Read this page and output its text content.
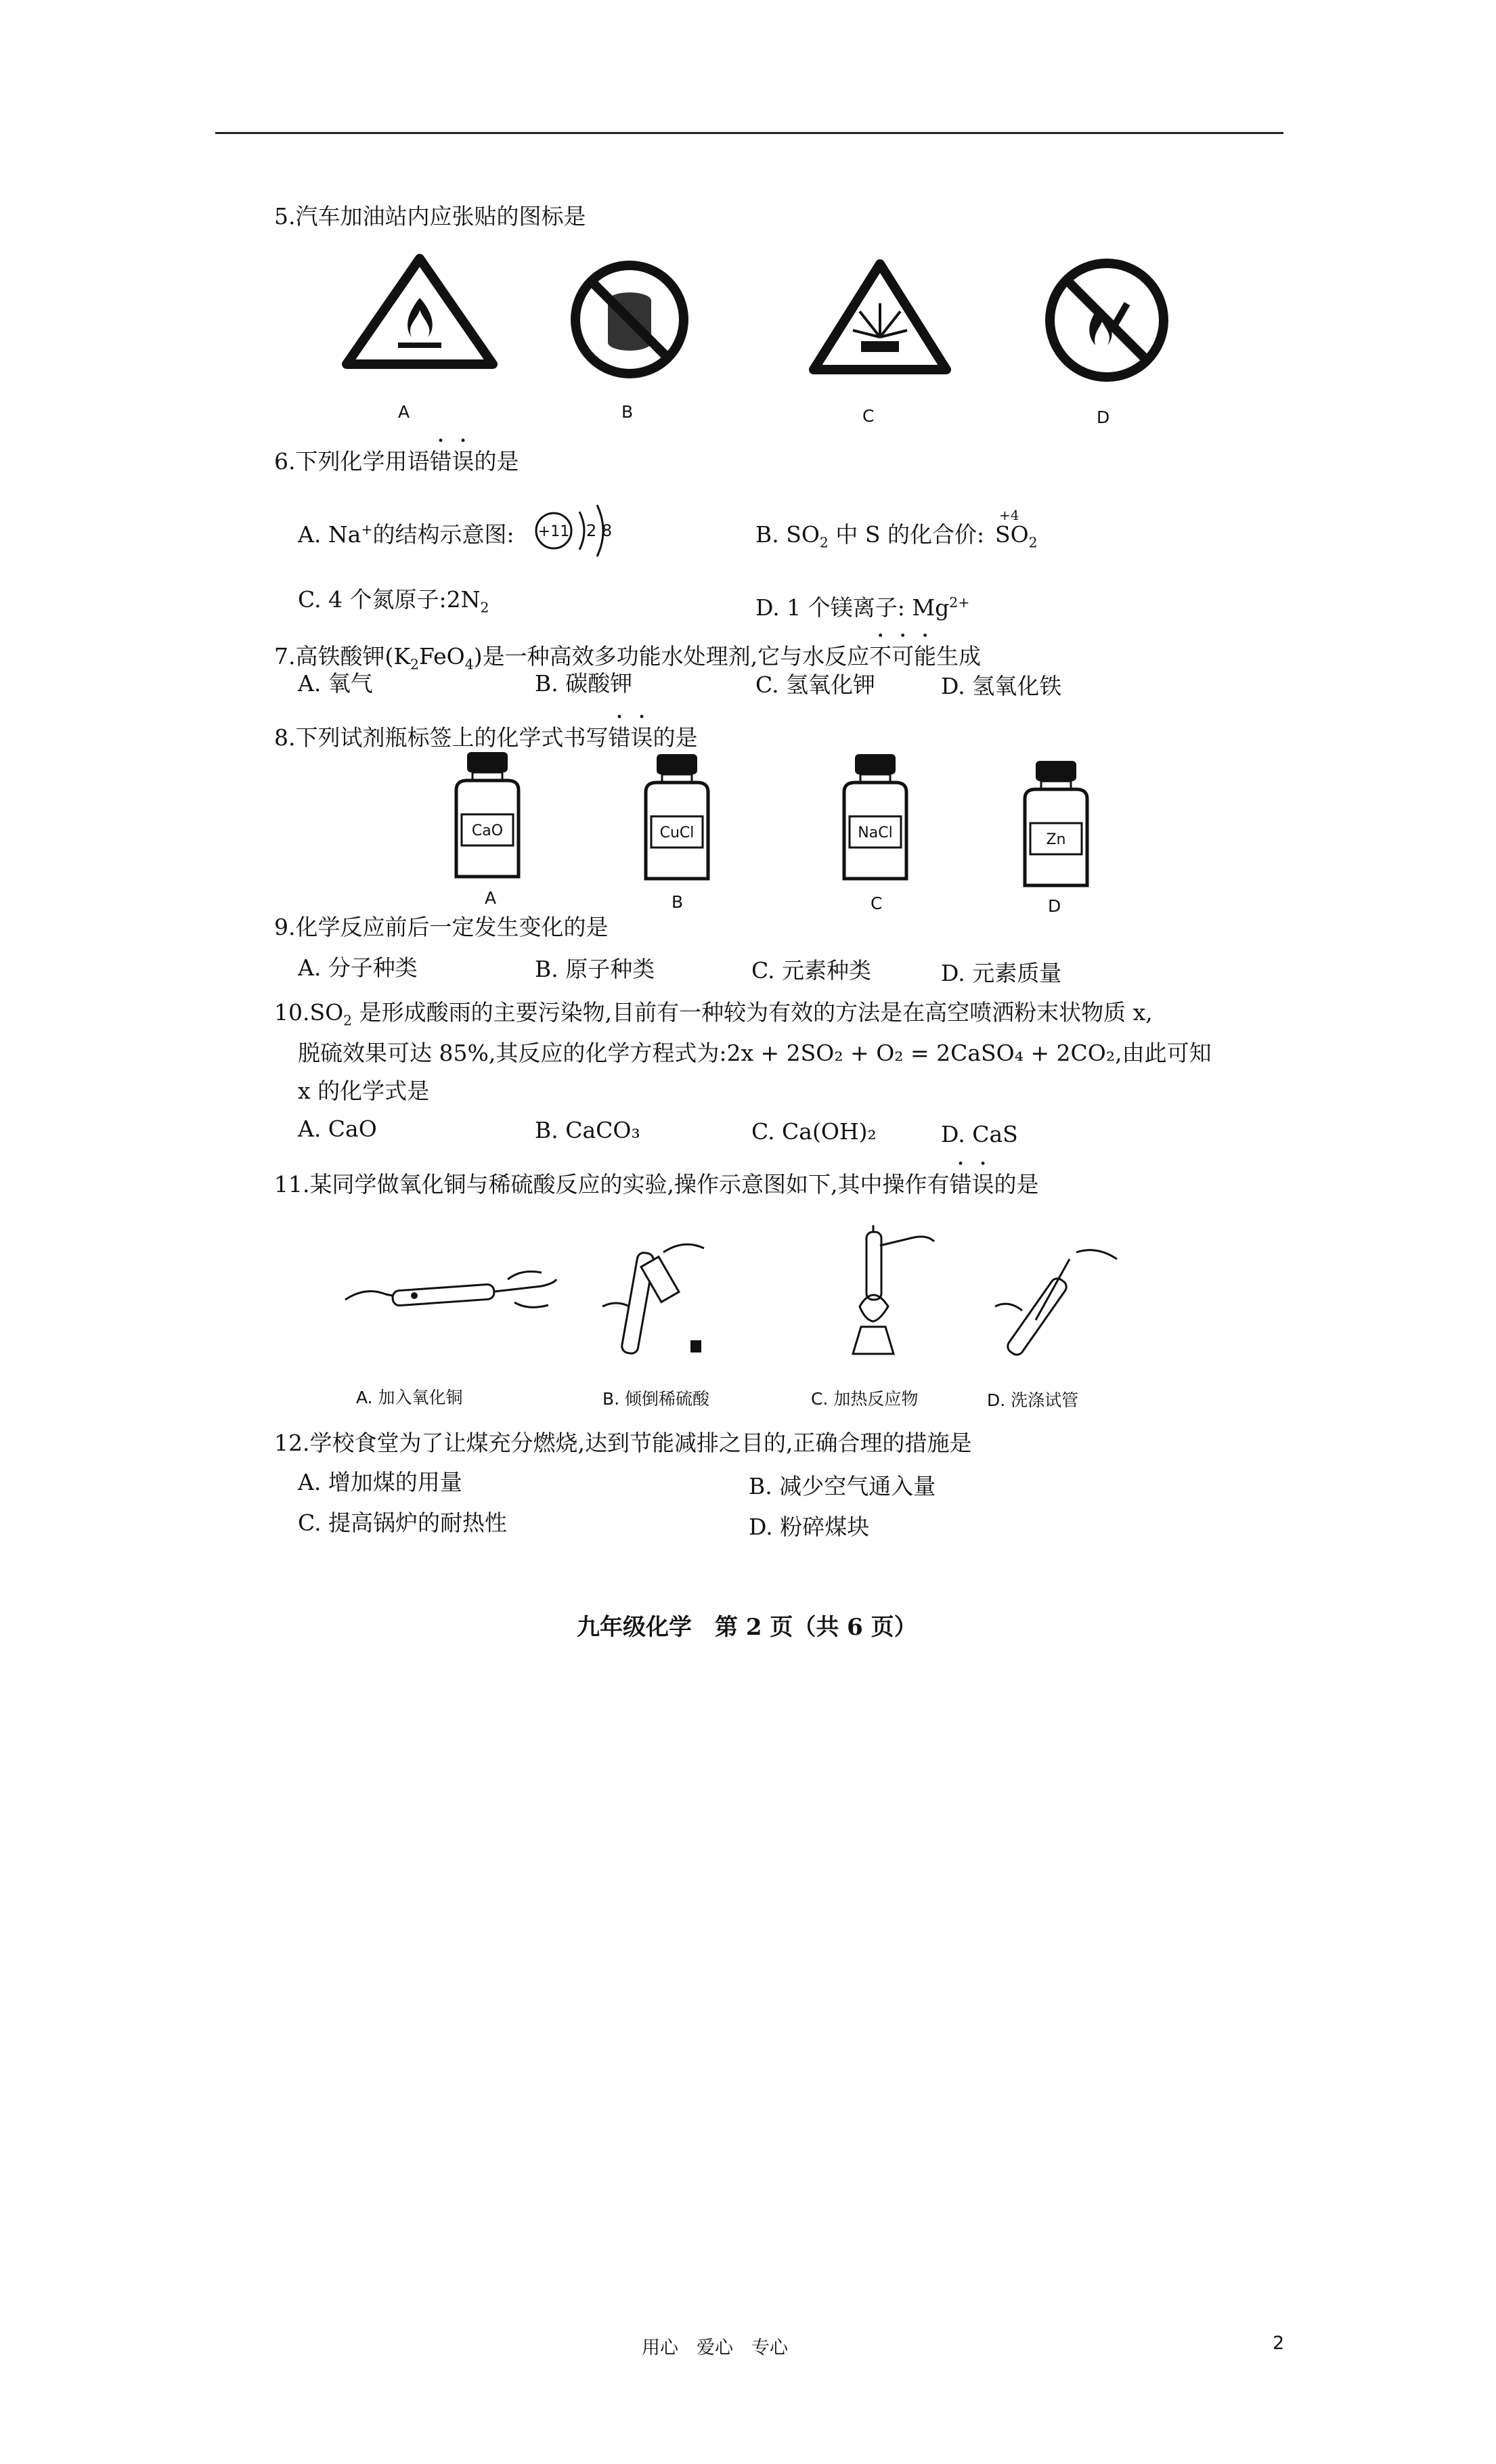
5.汽车加油站内应张贴的图标是
A	B	C	D
6.下列化学用语错误的是
A. Na+的结构示意图: +11 2 8	B. $SO_2$ 中 S 的化合价:
+4
$SO_2$
C. 4 个氮原子$:2N_2$	D. 1 个镁离子: $Mg^{2+}$
7.高铁酸钾$(K_2FeO_4)$是一种高效多功能水处理剂,它与水反应不可能生成
A. 氧气	B. 碳酸钾	C. 氢氧化钾	D. 氢氧化铁
8.下列试剂瓶标签上的化学式书写错误的是
CaO	CuCl	NaCl	Zn
A	B	C	D
9.化学反应前后一定发生变化的是
A. 分子种类	B. 原子种类	C. 元素种类	D. 元素质量
$10.SO_2$ 是形成酸雨的主要污染物,目前有一种较为有效的方法是在高空喷洒粉末状物质 x,
脱硫效果可达 85%,其反应的化学方程式为:2x + 2SO₂ + O₂ = 2CaSO₄ + 2CO₂,由此可知
x 的化学式是
A. CaO	B. CaCO₃	C. Ca(OH)₂	D. CaS
11.某同学做氧化铜与稀硫酸反应的实验,操作示意图如下,其中操作有错误的是
A. 加入氧化铜	B. 倾倒稀硫酸	C. 加热反应物	D. 洗涤试管
12.学校食堂为了让煤充分燃烧,达到节能减排之目的,正确合理的措施是
A. 增加煤的用量	B. 减少空气通入量
C. 提高锅炉的耐热性	D. 粉碎煤块
九年级化学　 第 2 页（共 6 页）
用心　爱心　专心	2
